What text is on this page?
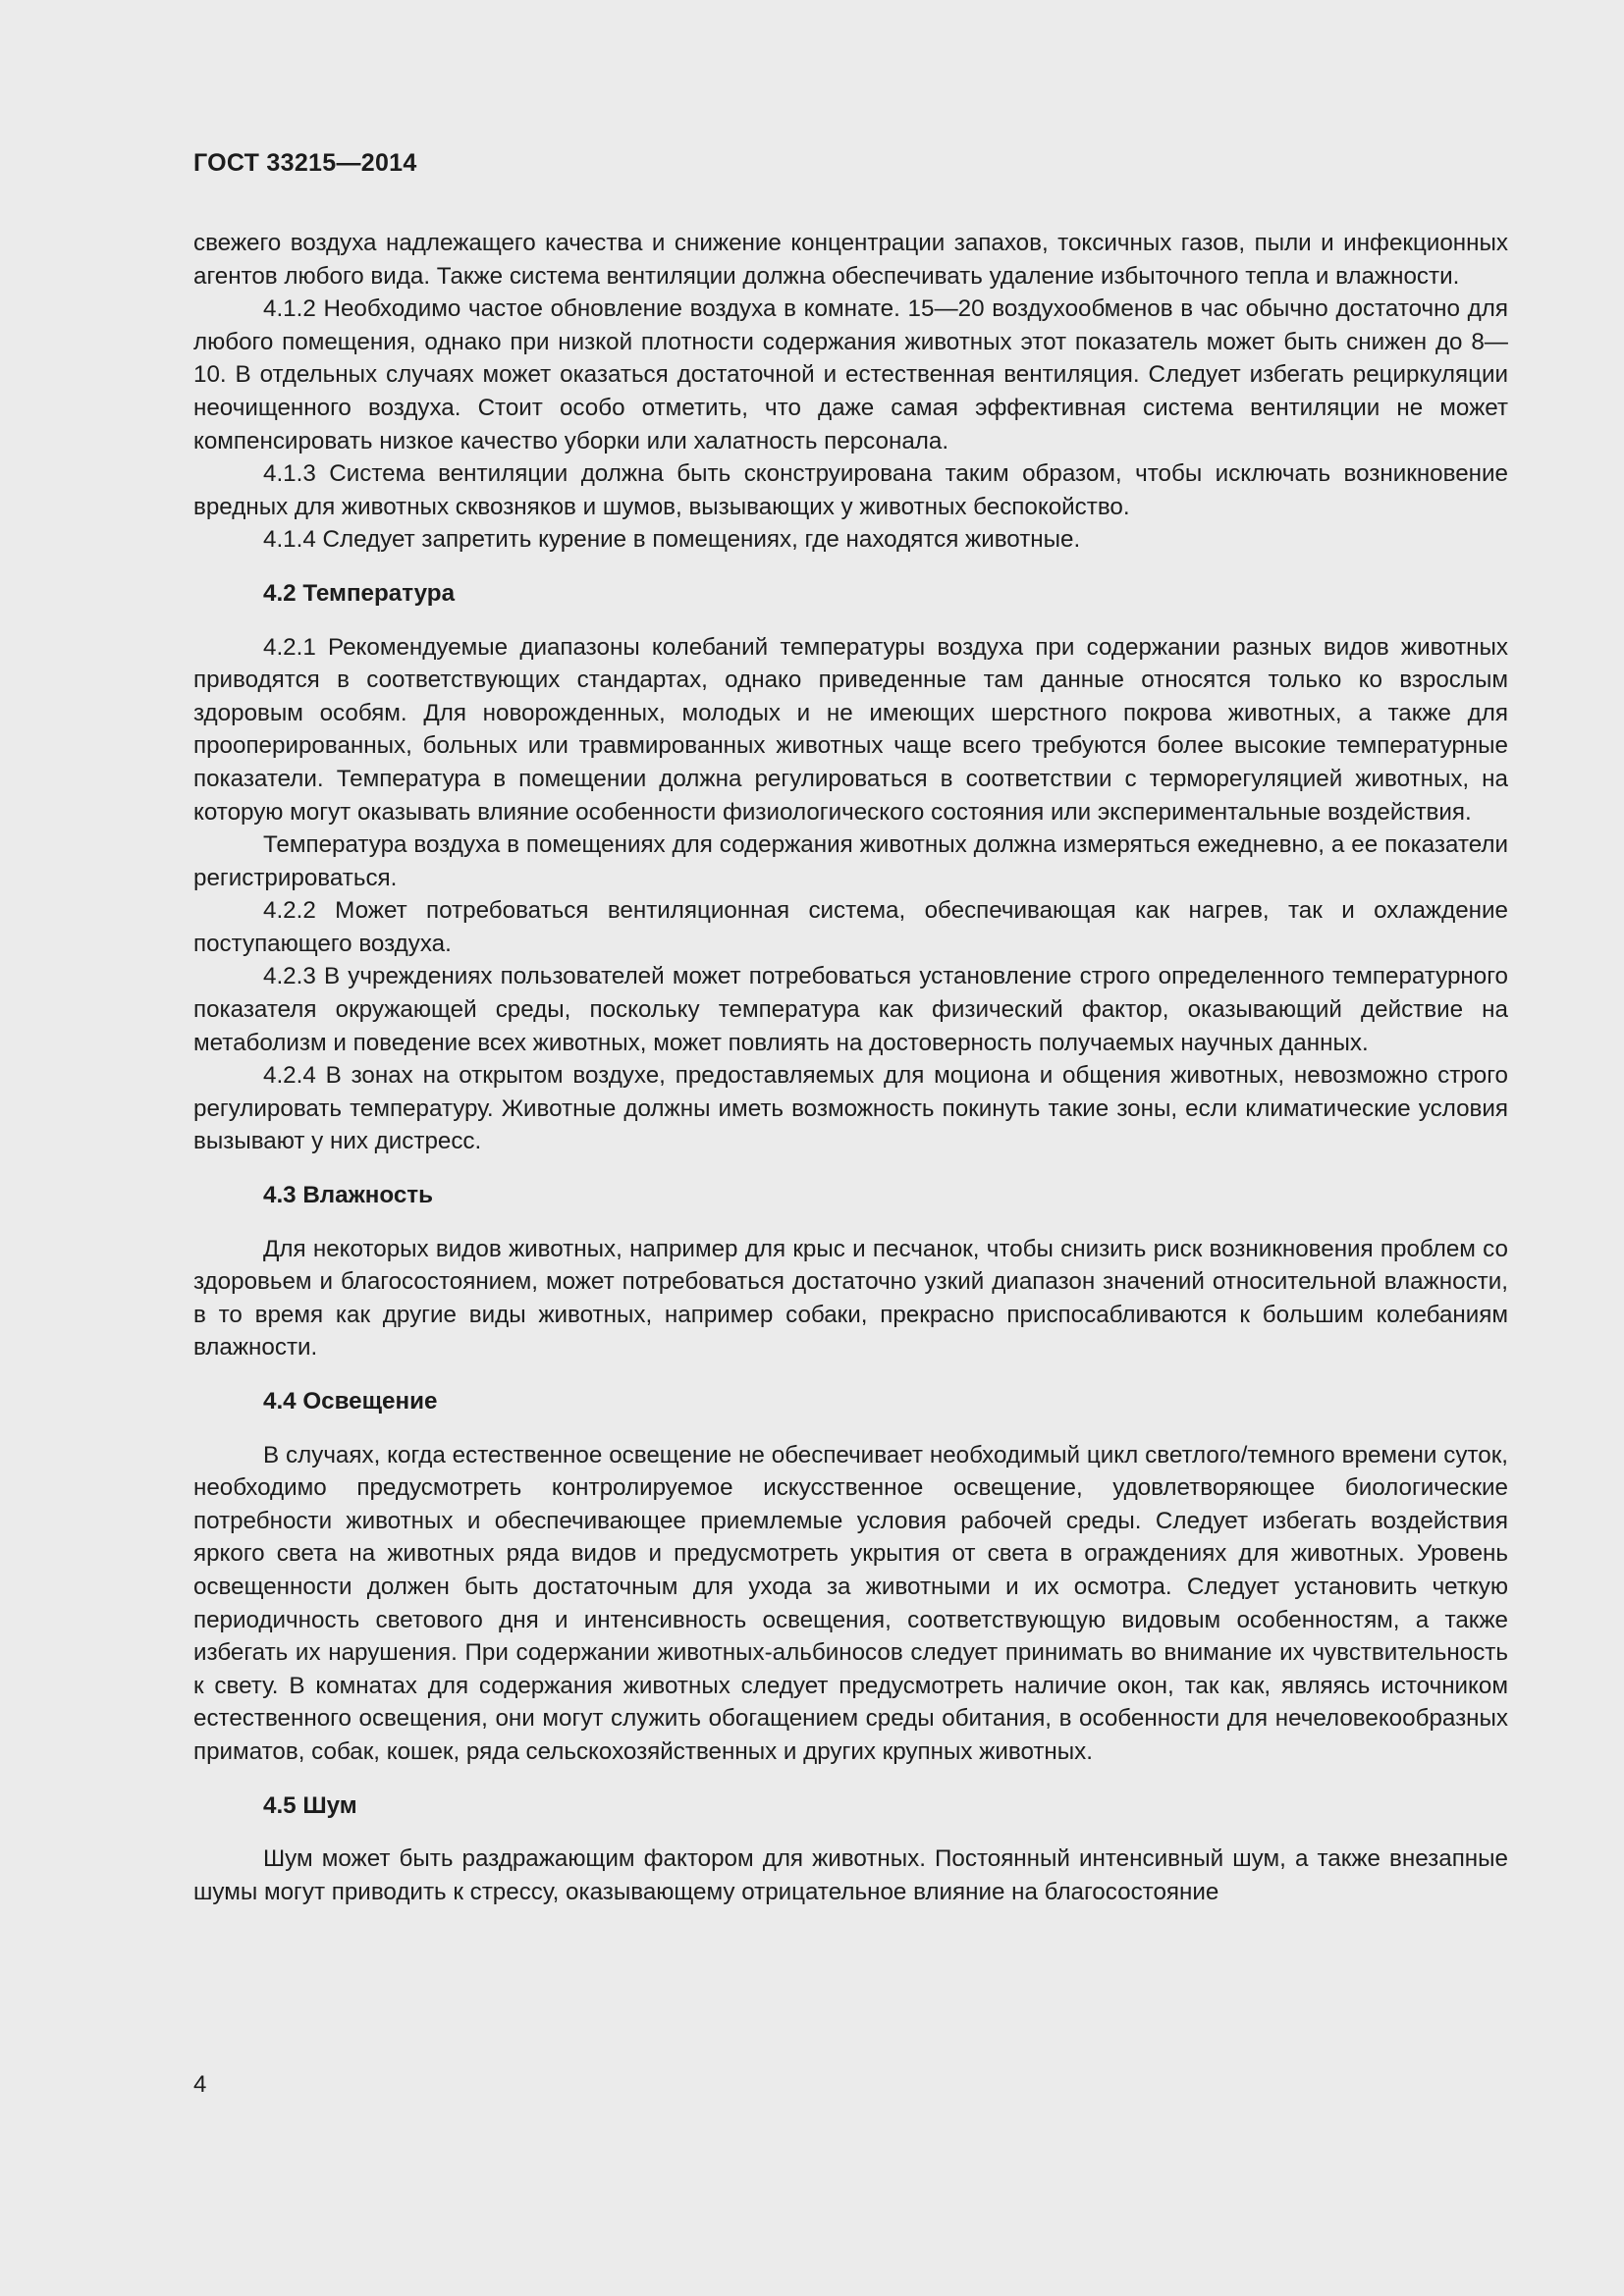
ГОСТ 33215—2014

свежего воздуха надлежащего качества и снижение концентрации запахов, токсичных газов, пыли и инфекционных агентов любого вида. Также система вентиляции должна обеспечивать удаление избыточного тепла и влажности.

4.1.2 Необходимо частое обновление воздуха в комнате. 15—20 воздухообменов в час обычно достаточно для любого помещения, однако при низкой плотности содержания животных этот показатель может быть снижен до 8—10. В отдельных случаях может оказаться достаточной и естественная вентиляция. Следует избегать рециркуляции неочищенного воздуха. Стоит особо отметить, что даже самая эффективная система вентиляции не может компенсировать низкое качество уборки или халатность персонала.

4.1.3 Система вентиляции должна быть сконструирована таким образом, чтобы исключать возникновение вредных для животных сквозняков и шумов, вызывающих у животных беспокойство.

4.1.4 Следует запретить курение в помещениях, где находятся животные.

4.2 Температура

4.2.1 Рекомендуемые диапазоны колебаний температуры воздуха при содержании разных видов животных приводятся в соответствующих стандартах, однако приведенные там данные относятся только ко взрослым здоровым особям. Для новорожденных, молодых и не имеющих шерстного покрова животных, а также для прооперированных, больных или травмированных животных чаще всего требуются более высокие температурные показатели. Температура в помещении должна регулироваться в соответствии с терморегуляцией животных, на которую могут оказывать влияние особенности физиологического состояния или экспериментальные воздействия.

Температура воздуха в помещениях для содержания животных должна измеряться ежедневно, а ее показатели регистрироваться.

4.2.2 Может потребоваться вентиляционная система, обеспечивающая как нагрев, так и охлаждение поступающего воздуха.

4.2.3 В учреждениях пользователей может потребоваться установление строго определенного температурного показателя окружающей среды, поскольку температура как физический фактор, оказывающий действие на метаболизм и поведение всех животных, может повлиять на достоверность получаемых научных данных.

4.2.4 В зонах на открытом воздухе, предоставляемых для моциона и общения животных, невозможно строго регулировать температуру. Животные должны иметь возможность покинуть такие зоны, если климатические условия вызывают у них дистресс.

4.3 Влажность

Для некоторых видов животных, например для крыс и песчанок, чтобы снизить риск возникновения проблем со здоровьем и благосостоянием, может потребоваться достаточно узкий диапазон значений относительной влажности, в то время как другие виды животных, например собаки, прекрасно приспосабливаются к большим колебаниям влажности.

4.4 Освещение

В случаях, когда естественное освещение не обеспечивает необходимый цикл светлого/темного времени суток, необходимо предусмотреть контролируемое искусственное освещение, удовлетворяющее биологические потребности животных и обеспечивающее приемлемые условия рабочей среды. Следует избегать воздействия яркого света на животных ряда видов и предусмотреть укрытия от света в ограждениях для животных. Уровень освещенности должен быть достаточным для ухода за животными и их осмотра. Следует установить четкую периодичность светового дня и интенсивность освещения, соответствующую видовым особенностям, а также избегать их нарушения. При содержании животных-альбиносов следует принимать во внимание их чувствительность к свету. В комнатах для содержания животных следует предусмотреть наличие окон, так как, являясь источником естественного освещения, они могут служить обогащением среды обитания, в особенности для нечеловекообразных приматов, собак, кошек, ряда сельскохозяйственных и других крупных животных.

4.5 Шум

Шум может быть раздражающим фактором для животных. Постоянный интенсивный шум, а также внезапные шумы могут приводить к стрессу, оказывающему отрицательное влияние на благосостояние

4
